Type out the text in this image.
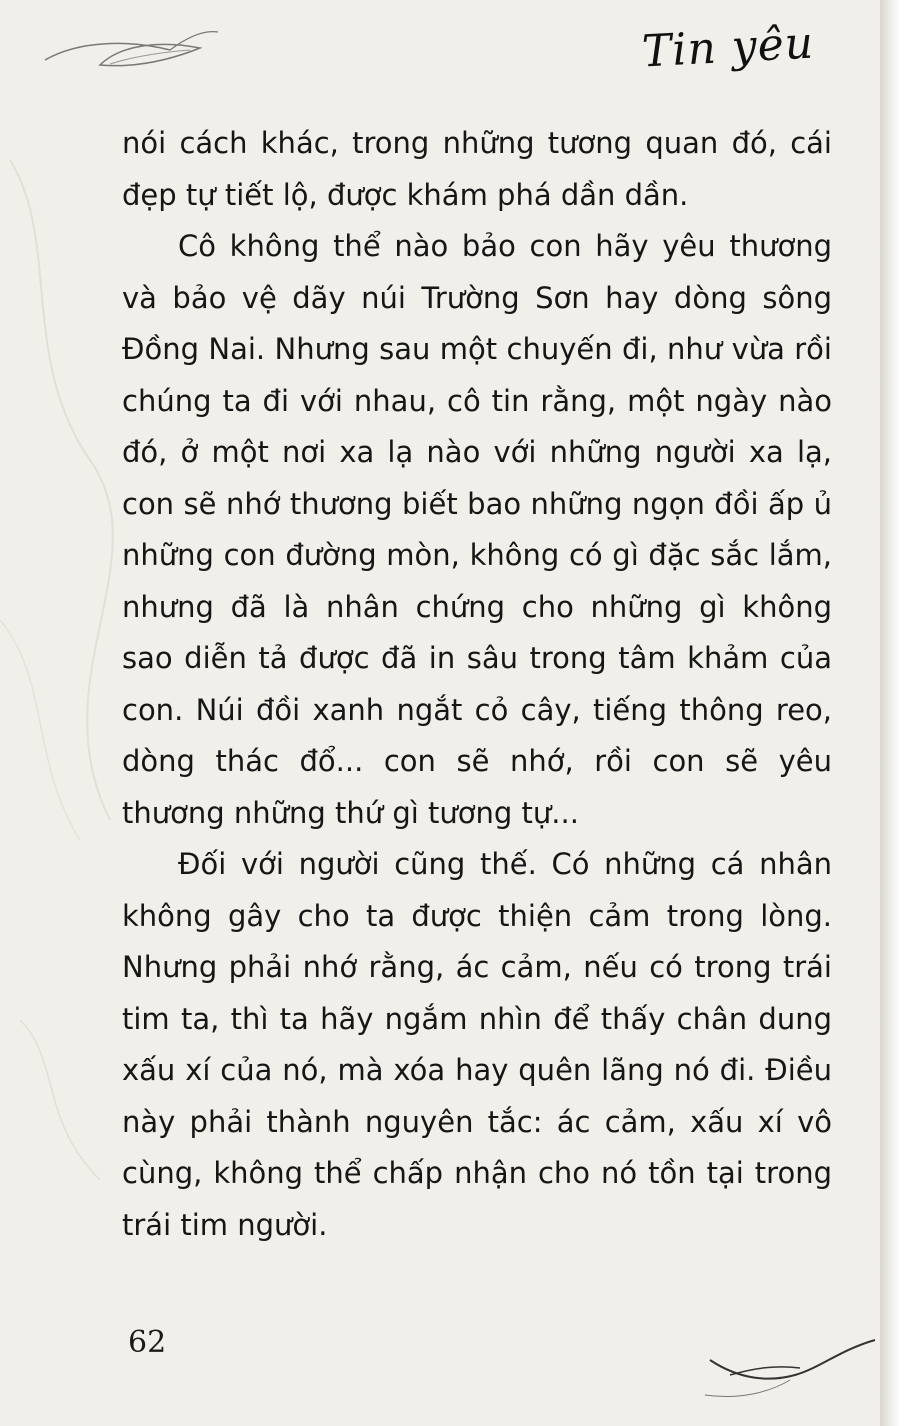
Tin yêu

nói cách khác, trong những tương quan đó, cái đẹp tự tiết lộ, được khám phá dần dần.

Cô không thể nào bảo con hãy yêu thương và bảo vệ dãy núi Trường Sơn hay dòng sông Đồng Nai. Nhưng sau một chuyến đi, như vừa rồi chúng ta đi với nhau, cô tin rằng, một ngày nào đó, ở một nơi xa lạ nào với những người xa lạ, con sẽ nhớ thương biết bao những ngọn đồi ấp ủ những con đường mòn, không có gì đặc sắc lắm, nhưng đã là nhân chứng cho những gì không sao diễn tả được đã in sâu trong tâm khảm của con. Núi đồi xanh ngắt cỏ cây, tiếng thông reo, dòng thác đổ... con sẽ nhớ, rồi con sẽ yêu thương những thứ gì tương tự...

Đối với người cũng thế. Có những cá nhân không gây cho ta được thiện cảm trong lòng. Nhưng phải nhớ rằng, ác cảm, nếu có trong trái tim ta, thì ta hãy ngắm nhìn để thấy chân dung xấu xí của nó, mà xóa hay quên lãng nó đi. Điều này phải thành nguyên tắc: ác cảm, xấu xí vô cùng, không thể chấp nhận cho nó tồn tại trong trái tim người.

62
